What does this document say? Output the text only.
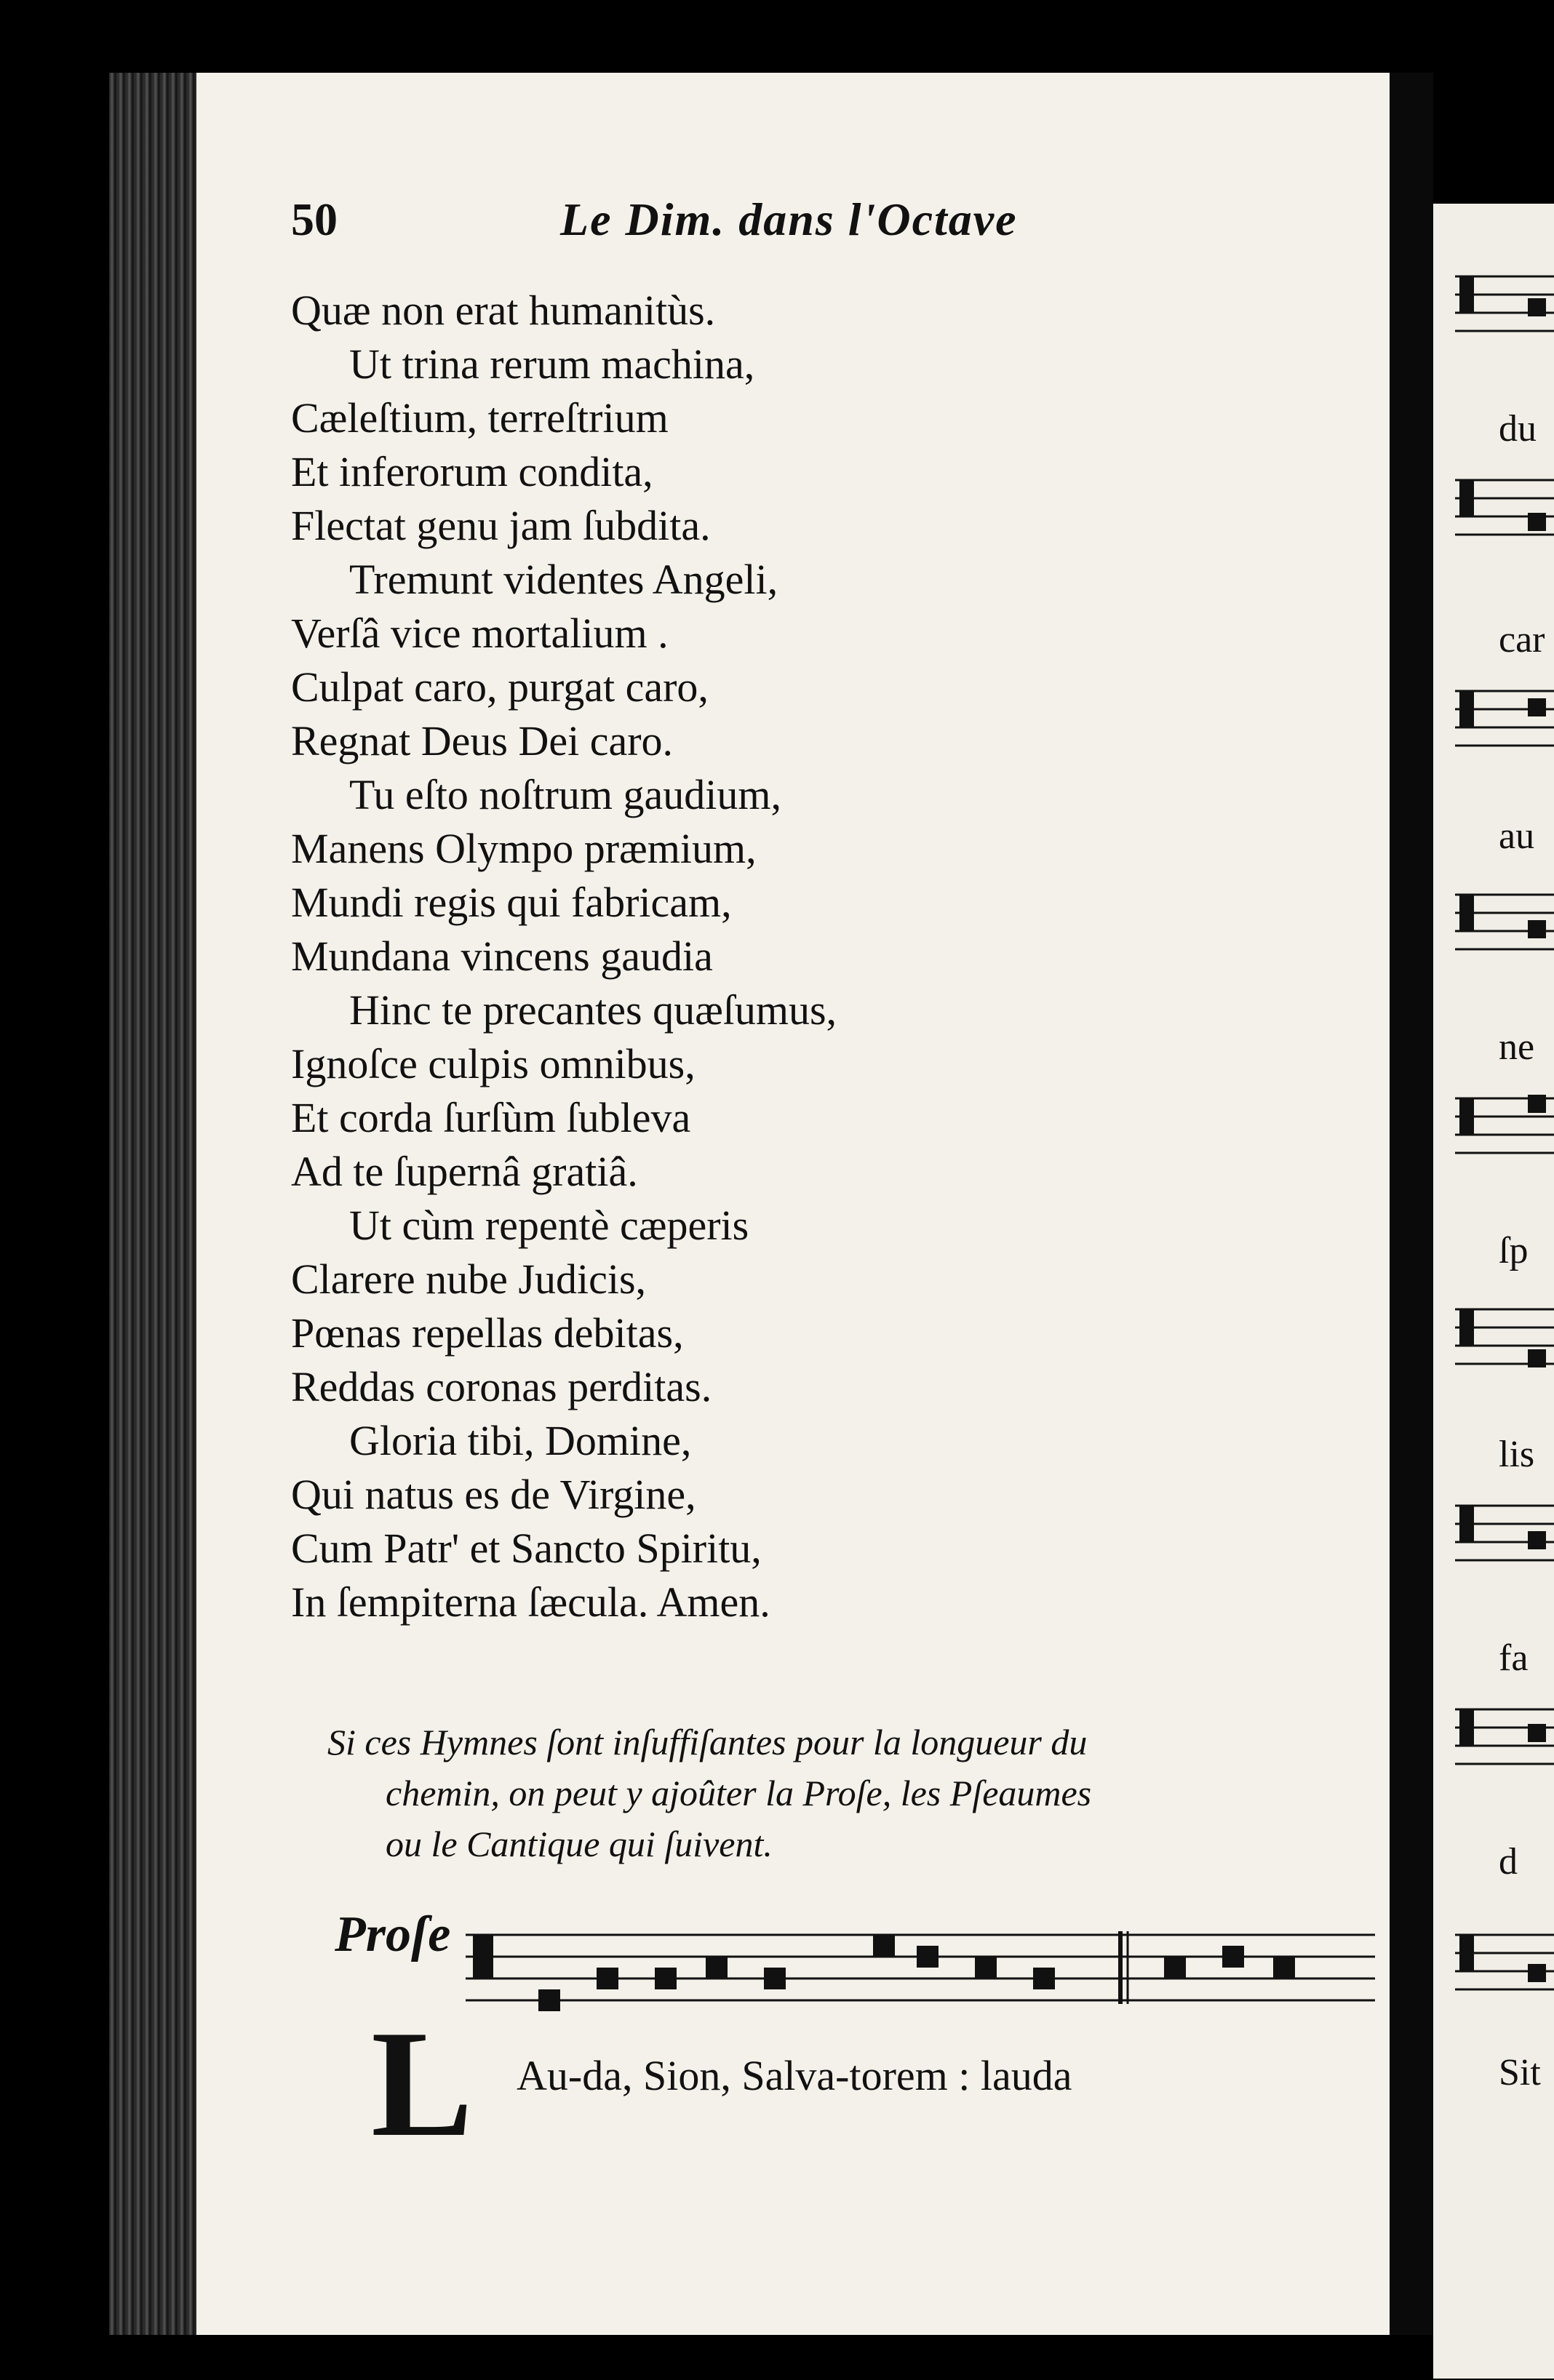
50	Le Dim. dans l'Octave
Quæ non erat humanitùs.
Ut trina rerum machina,
Cæleſtium, terreſtrium
Et inferorum condita,
Flectat genu jam ſubdita.
Tremunt videntes Angeli,
Verſâ vice mortalium .
Culpat caro, purgat caro,
Regnat Deus Dei caro.
Tu eſto noſtrum gaudium,
Manens Olympo præmium,
Mundi regis qui fabricam,
Mundana vincens gaudia
Hinc te precantes quæſumus,
Ignoſce culpis omnibus,
Et corda ſurſùm ſubleva
Ad te ſupernâ gratiâ.
Ut cùm repentè cæperis
Clarere nube Judicis,
Pœnas repellas debitas,
Reddas coronas perditas.
Gloria tibi, Domine,
Qui natus es de Virgine,
Cum Patr' et Sancto Spiritu,
In ſempiterna ſæcula. Amen.
Si ces Hymnes ſont inſuffiſantes pour la longueur du
chemin, on peut y ajoûter la Proſe, les Pſeaumes
ou le Cantique qui ſuivent.
Proſe
L Au-da, Sion, Salva-torem : lauda
du
car
au
ne
ſp
lis
fa
d
Sit
